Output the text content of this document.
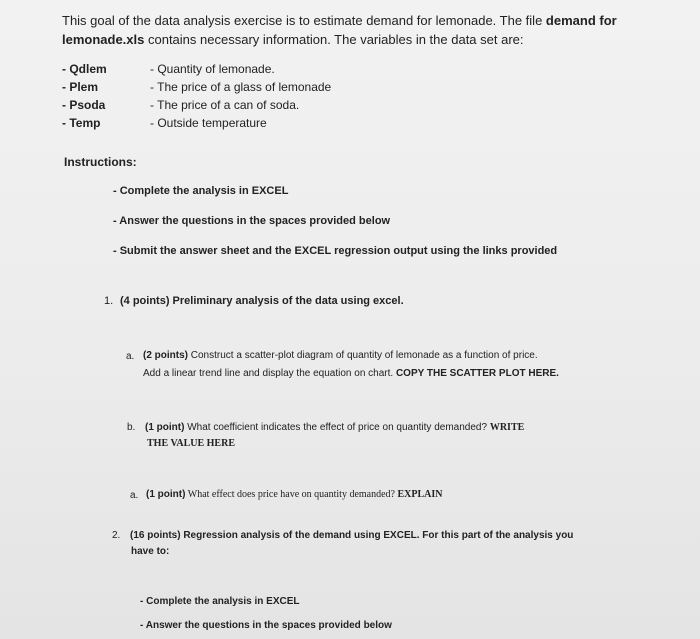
This goal of the data analysis exercise is to estimate demand for lemonade. The file demand for
lemonade.xls contains necessary information. The variables in the data set are:
- Qdlem	- Quantity of lemonade.
- Plem	- The price of a glass of lemonade
- Psoda	- The price of a can of soda.
- Temp	- Outside temperature
Instructions:
- Complete the analysis in EXCEL
- Answer the questions in the spaces provided below
- Submit the answer sheet and the EXCEL regression output using the links provided
1. (4 points) Preliminary analysis of the data using excel.
a. (2 points) Construct a scatter-plot diagram of quantity of lemonade as a function of price.
Add a linear trend line and display the equation on chart. COPY THE SCATTER PLOT HERE.
b. (1 point) What coefficient indicates the effect of price on quantity demanded? WRITE
THE VALUE HERE
a. (1 point) What effect does price have on quantity demanded? EXPLAIN
2. (16 points) Regression analysis of the demand using EXCEL. For this part of the analysis you
have to:
- Complete the analysis in EXCEL
- Answer the questions in the spaces provided below
